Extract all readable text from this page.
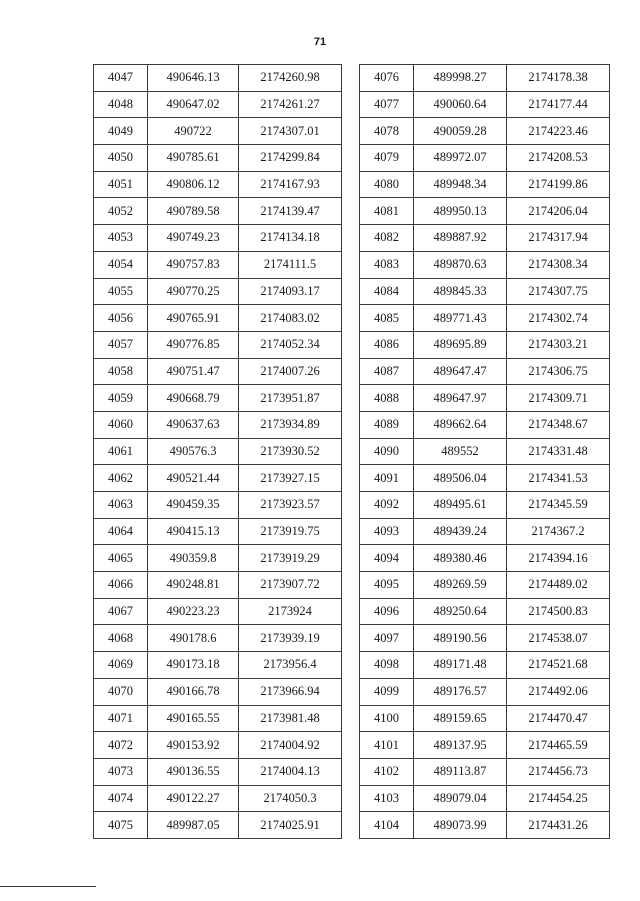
71
4047	490646.13	2174260.98
4048	490647.02	2174261.27
4049	490722	2174307.01
4050	490785.61	2174299.84
4051	490806.12	2174167.93
4052	490789.58	2174139.47
4053	490749.23	2174134.18
4054	490757.83	2174111.5
4055	490770.25	2174093.17
4056	490765.91	2174083.02
4057	490776.85	2174052.34
4058	490751.47	2174007.26
4059	490668.79	2173951.87
4060	490637.63	2173934.89
4061	490576.3	2173930.52
4062	490521.44	2173927.15
4063	490459.35	2173923.57
4064	490415.13	2173919.75
4065	490359.8	2173919.29
4066	490248.81	2173907.72
4067	490223.23	2173924
4068	490178.6	2173939.19
4069	490173.18	2173956.4
4070	490166.78	2173966.94
4071	490165.55	2173981.48
4072	490153.92	2174004.92
4073	490136.55	2174004.13
4074	490122.27	2174050.3
4075	489987.05	2174025.91
4076	489998.27	2174178.38
4077	490060.64	2174177.44
4078	490059.28	2174223.46
4079	489972.07	2174208.53
4080	489948.34	2174199.86
4081	489950.13	2174206.04
4082	489887.92	2174317.94
4083	489870.63	2174308.34
4084	489845.33	2174307.75
4085	489771.43	2174302.74
4086	489695.89	2174303.21
4087	489647.47	2174306.75
4088	489647.97	2174309.71
4089	489662.64	2174348.67
4090	489552	2174331.48
4091	489506.04	2174341.53
4092	489495.61	2174345.59
4093	489439.24	2174367.2
4094	489380.46	2174394.16
4095	489269.59	2174489.02
4096	489250.64	2174500.83
4097	489190.56	2174538.07
4098	489171.48	2174521.68
4099	489176.57	2174492.06
4100	489159.65	2174470.47
4101	489137.95	2174465.59
4102	489113.87	2174456.73
4103	489079.04	2174454.25
4104	489073.99	2174431.26
